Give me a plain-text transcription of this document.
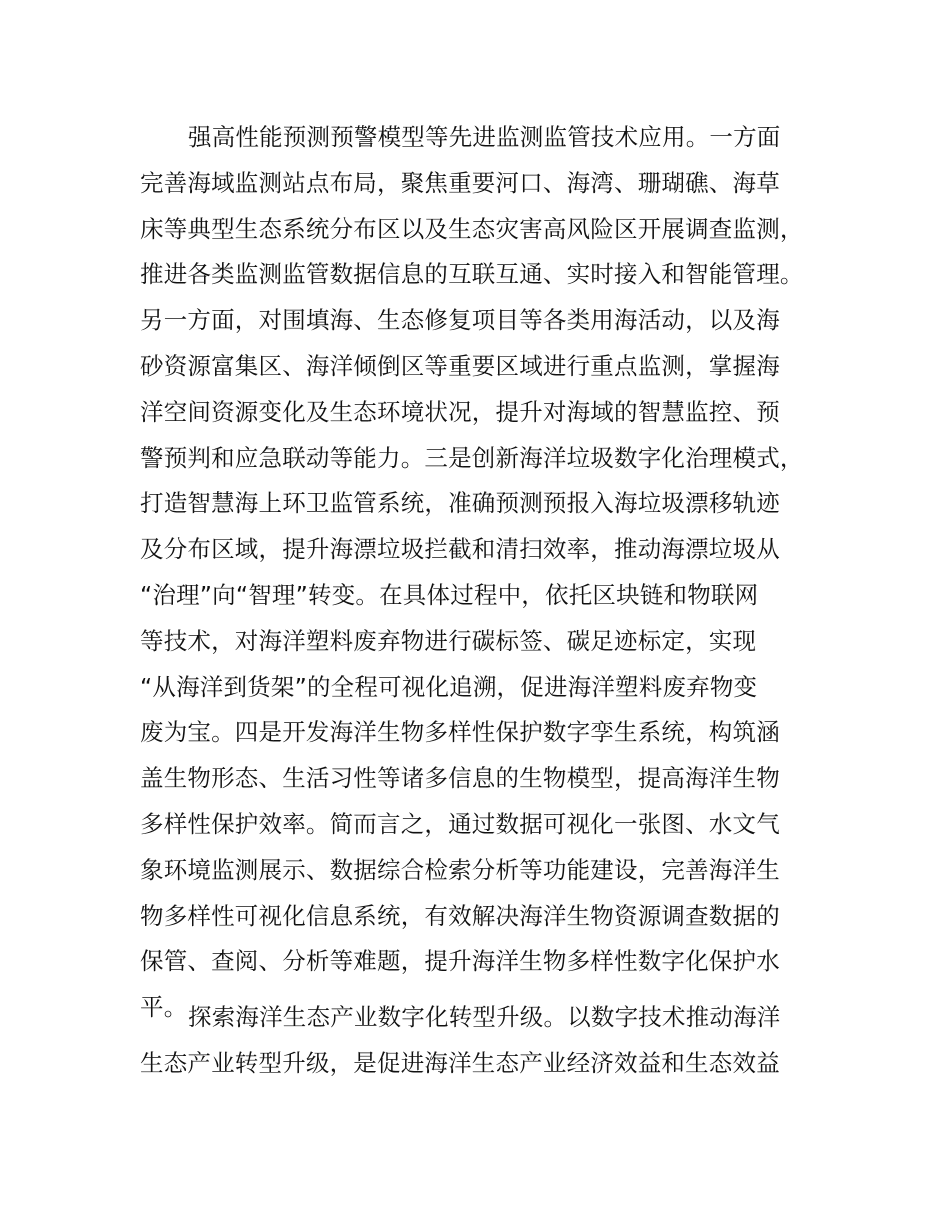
强高性能预测预警模型等先进监测监管技术应用。一方面
完善海域监测站点布局，聚焦重要河口、海湾、珊瑚礁、海草
床等典型生态系统分布区以及生态灾害高风险区开展调查监测，
推进各类监测监管数据信息的互联互通、实时接入和智能管理。
另一方面，对围填海、生态修复项目等各类用海活动，以及海
砂资源富集区、海洋倾倒区等重要区域进行重点监测，掌握海
洋空间资源变化及生态环境状况，提升对海域的智慧监控、预
警预判和应急联动等能力。三是创新海洋垃圾数字化治理模式，
打造智慧海上环卫监管系统，准确预测预报入海垃圾漂移轨迹
及分布区域，提升海漂垃圾拦截和清扫效率，推动海漂垃圾从
“治理”向“智理”转变。在具体过程中，依托区块链和物联网
等技术，对海洋塑料废弃物进行碳标签、碳足迹标定，实现
“从海洋到货架”的全程可视化追溯，促进海洋塑料废弃物变
废为宝。四是开发海洋生物多样性保护数字孪生系统，构筑涵
盖生物形态、生活习性等诸多信息的生物模型，提高海洋生物
多样性保护效率。简而言之，通过数据可视化一张图、水文气
象环境监测展示、数据综合检索分析等功能建设，完善海洋生
物多样性可视化信息系统，有效解决海洋生物资源调查数据的
保管、查阅、分析等难题，提升海洋生物多样性数字化保护水
平。 探索海洋生态产业数字化转型升级。以数字技术推动海洋
生态产业转型升级，是促进海洋生态产业经济效益和生态效益
